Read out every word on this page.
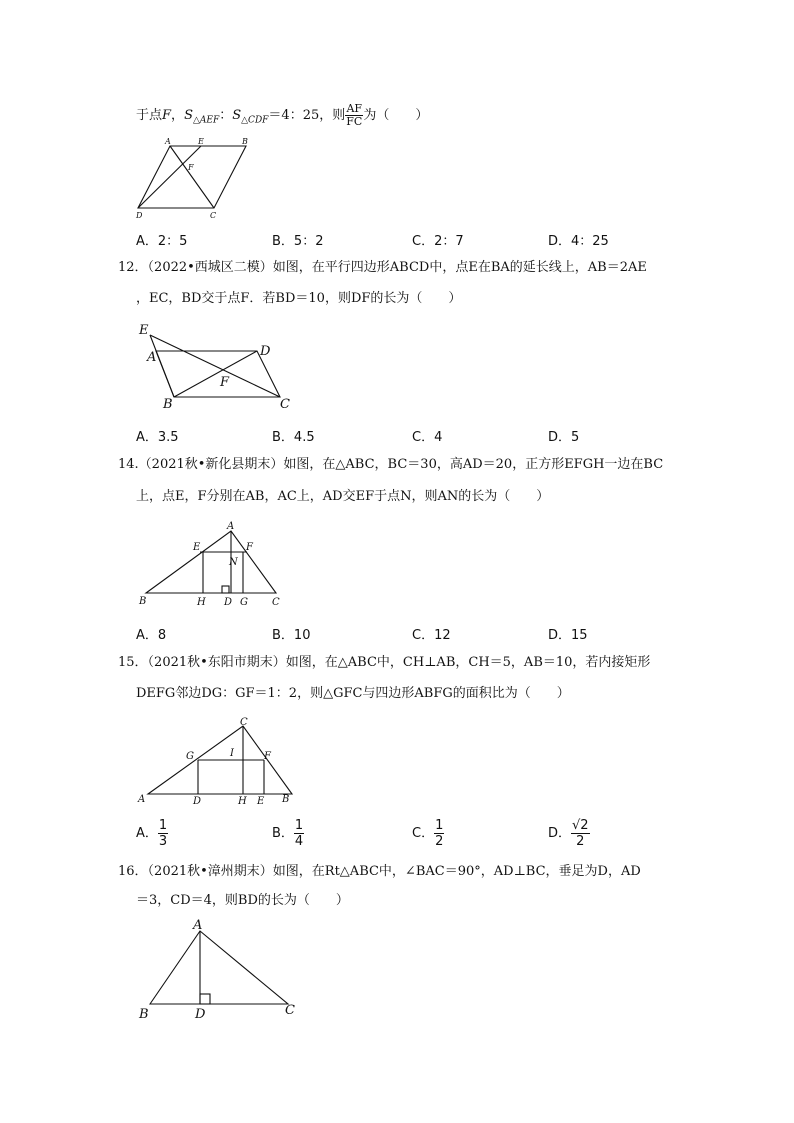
于点F，$S_{\triangle AEF}$：$S_{\triangle CDF}=4$：25，则 $\frac{AF}{FC}$ 为（　　）
A	E	B
F
D	C
A．2：5	B．5：2	C．2：7	D．4：25
12．（2022•西城区二模）如图，在平行四边形ABCD中，点E在BA的延长线上，AB＝2AE
，EC，BD交于点F．若BD＝10，则DF的长为（　　）
E
A	D
F
B	C
A．3.5	B．4.5	C．4	D．5
14.（2021秋•新化县期末）如图，在△ABC，BC＝30，高AD＝20，正方形EFGH一边在BC
上，点E，F分别在AB，AC上，AD交EF于点N，则AN的长为（　　）
A
E	F
N
B	H D G C
A．8	B．10	C．12	D．15
15．（2021秋•东阳市期末）如图，在△ABC中，CH⊥AB，CH＝5，AB＝10，若内接矩形
DEFG邻边DG：GF＝1：2，则△GFC与四边形ABFG的面积比为（　　）
C
G	I	F
A	D	H E B
A． $\frac{1}{3}$	B． $\frac{1}{4}$	C． $\frac{1}{2}$	D． $\frac{√2}{2}$
16．（2021秋•漳州期末）如图，在Rt△ABC中，∠BAC＝90°，AD⊥BC，垂足为D，AD
＝3，CD＝4，则BD的长为（　　）
A
B	D	C
